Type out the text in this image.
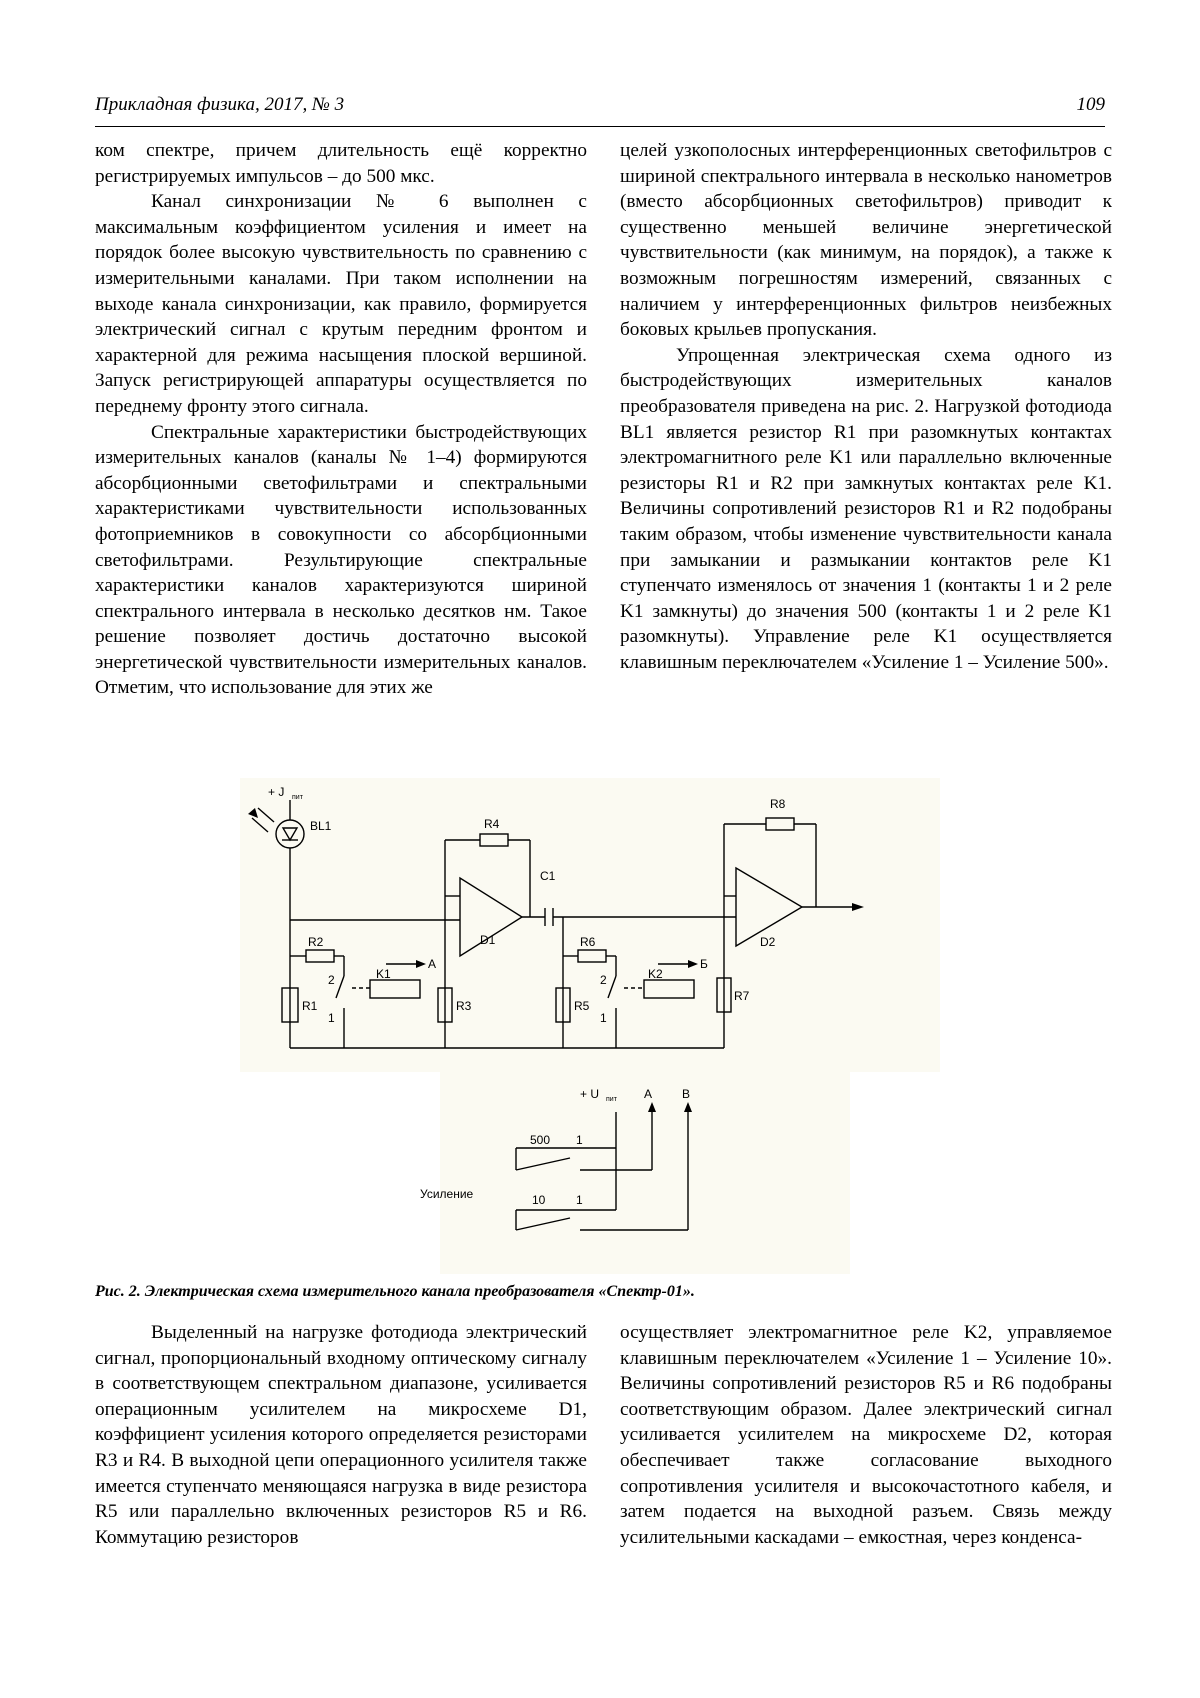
Прикладная физика, 2017, № 3	109

ком спектре, причем длительность ещё корректно регистрируемых импульсов – до 500 мкс.

Канал синхронизации № 6 выполнен с максимальным коэффициентом усиления и имеет на порядок более высокую чувствительность по сравнению с измерительными каналами. При таком исполнении на выходе канала синхронизации, как правило, формируется электрический сигнал с крутым передним фронтом и характерной для режима насыщения плоской вершиной. Запуск регистрирующей аппаратуры осуществляется по переднему фронту этого сигнала.

Спектральные характеристики быстродействующих измерительных каналов (каналы № 1–4) формируются абсорбционными светофильтрами и спектральными характеристиками чувствительности использованных фотоприемников в совокупности со абсорбционными светофильтрами. Результирующие спектральные характеристики каналов характеризуются шириной спектрального интервала в несколько десятков нм. Такое решение позволяет достичь достаточно высокой энергетической чувствительности измерительных каналов. Отметим, что использование для этих же

целей узкополосных интерференционных светофильтров с шириной спектрального интервала в несколько нанометров (вместо абсорбционных светофильтров) приводит к существенно меньшей величине энергетической чувствительности (как минимум, на порядок), а также к возможным погрешностям измерений, связанных с наличием у интерференционных фильтров неизбежных боковых крыльев пропускания.

Упрощенная электрическая схема одного из быстродействующих измерительных каналов преобразователя приведена на рис. 2. Нагрузкой фотодиода BL1 является резистор R1 при разомкнутых контактах электромагнитного реле K1 или параллельно включенные резисторы R1 и R2 при замкнутых контактах реле K1. Величины сопротивлений резисторов R1 и R2 подобраны таким образом, чтобы изменение чувствительности канала при замыкании и размыкании контактов реле K1 ступенчато изменялось от значения 1 (контакты 1 и 2 реле K1 замкнуты) до значения 500 (контакты 1 и 2 реле K1 разомкнуты). Управление реле K1 осуществляется клавишным переключателем «Усиление 1 – Усиление 500».

+ J пит
BL1	R4
C1
R8
D1	D2
R2	R6
K1	K2
A	Б
R1	R3	R5
R7
2
1
2
1
+ U пит A B
500 1
Усиление	10	1
Рис. 2. Электрическая схема измерительного канала преобразователя «Спектр-01».

Выделенный на нагрузке фотодиода электрический сигнал, пропорциональный входному оптическому сигналу в соответствующем спектральном диапазоне, усиливается операционным усилителем на микросхеме D1, коэффициент усиления которого определяется резисторами R3 и R4. В выходной цепи операционного усилителя также имеется ступенчато меняющаяся нагрузка в виде резистора R5 или параллельно включенных резисторов R5 и R6. Коммутацию резисторов

осуществляет электромагнитное реле K2, управляемое клавишным переключателем «Усиление 1 – Усиление 10». Величины сопротивлений резисторов R5 и R6 подобраны соответствующим образом. Далее электрический сигнал усиливается усилителем на микросхеме D2, которая обеспечивает также согласование выходного сопротивления усилителя и высокочастотного кабеля, и затем подается на выходной разъем. Связь между усилительными каскадами – емкостная, через конденса-
